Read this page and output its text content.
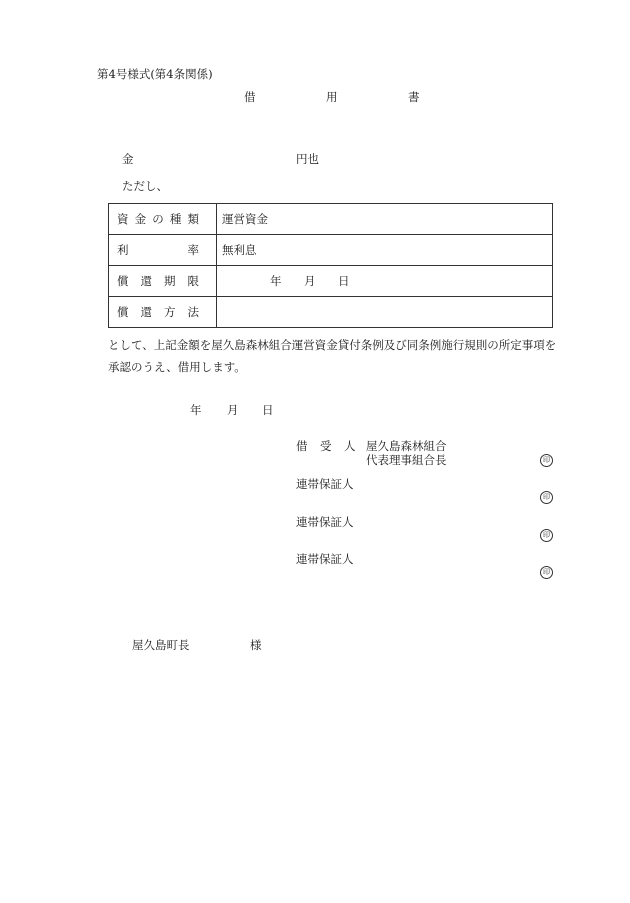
第4号様式(第4条関係)
借	用	書
金	円也
ただし、
資 金 の 種 類	運営資金

利 率	無利息

償 還 期 限	年 月 日

償 還 方 法	

として、上記金額を屋久島森林組合運営資金貸付条例及び同条例施行規則の所定事項を
承認のうえ、借用します。
年 月 日
借 受 人 屋久島森林組合
代表理事組合長	印
連帯保証人
印
連帯保証人
印
連帯保証人
印
屋久島町長	様
